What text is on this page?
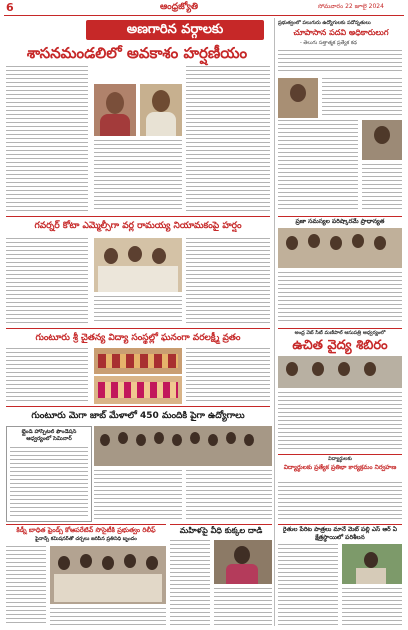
6	ఆంధ్రజ్యోతి	సోమవారం 22 జూలై 2024
అణగారిన వర్గాలకు
శాసనమండలిలో అవకాశం హర్షణీయం
ప్రభుత్వంలో పలుగురు ఉద్యోగులకు పదోన్నతులు
చూపాసాన పదవి అధికారులుగ
- తెలుగు సత్తాత్మక ప్రత్యేక కథ
గవర్నర్ కోటా ఎమ్మెల్సీగా వర్ల రామయ్య నియామకంపై హర్షం	ప్రజా సమస్యల పరిష్కారమే ప్రాధాన్యత
గుంటూరు శ్రీ చైతన్య విద్యా సంస్థల్లో ఘనంగా వరలక్ష్మీ వ్రతం	అంధ్ర వెబ్ సిటీ మణిపాల్ ఆసుపత్రి ఆధ్వర్యంలో
ఉచిత వైద్య శిబిరం
గుంటూరు మెగా జాబ్ మేళాలో 450 మందికి పైగా ఉద్యోగాలు
బ్లైండ్ హాస్పిటల్ ఫౌండేషన్ ఆధ్వర్యంలో సెమినార్
విద్యార్థులకు
విద్యార్థులకు ప్రత్యేక ప్రతిభా కార్యక్రమం నిర్వహణ
కిడ్నీ బాధిత ఫ్రెండ్స్ కోఆపరేటివ్ సొసైటీకి ప్రభుత్వం రిలీఫ్
ఫైనాన్స్ కమిషనర్‌తో చర్చలు జరిపిన ప్రతినిధి బృందం
మహిళపై వీధి కుక్కల దాడి	రైతుల పేరిట పాత్రలు మానే మెట్ పల్లి ఎస్ ఆర్ ఏ క్షేత్రస్థాయిలో పరిశీలన
